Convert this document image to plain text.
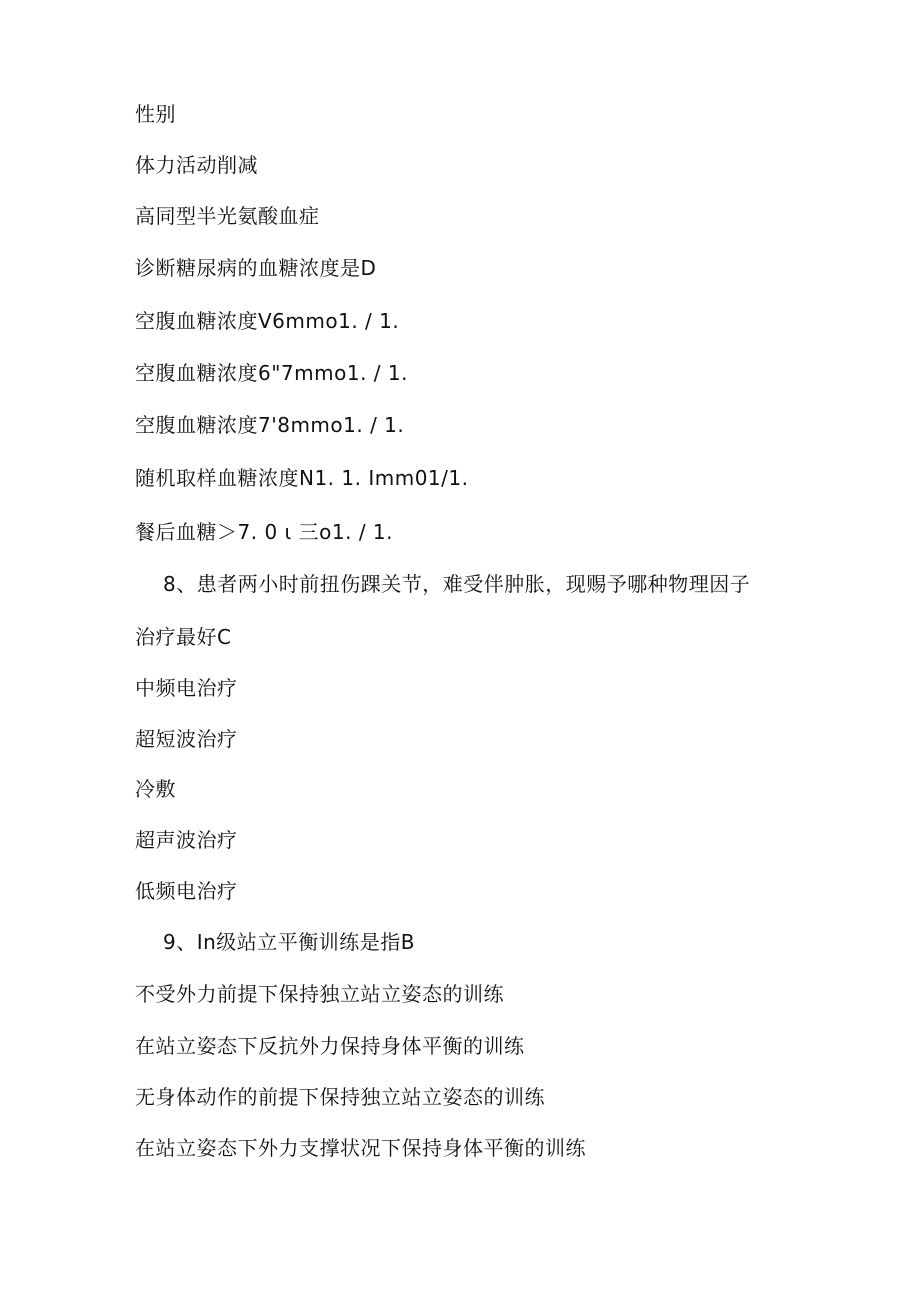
性别
体力活动削减
高同型半光氨酸血症
诊断糖尿病的血糖浓度是D
空腹血糖浓度V6mmo1. / 1.
空腹血糖浓度6"7mmo1. / 1.
空腹血糖浓度7'8mmo1. / 1.
随机取样血糖浓度N1. 1. Imm01/1.
餐后血糖＞7. 0 ι 三o1. / 1.
8、患者两小时前扭伤踝关节，难受伴肿胀，现赐予哪种物理因子
治疗最好C
中频电治疗
超短波治疗
冷敷
超声波治疗
低频电治疗
9、In级站立平衡训练是指B
不受外力前提下保持独立站立姿态的训练
在站立姿态下反抗外力保持身体平衡的训练
无身体动作的前提下保持独立站立姿态的训练
在站立姿态下外力支撑状况下保持身体平衡的训练
